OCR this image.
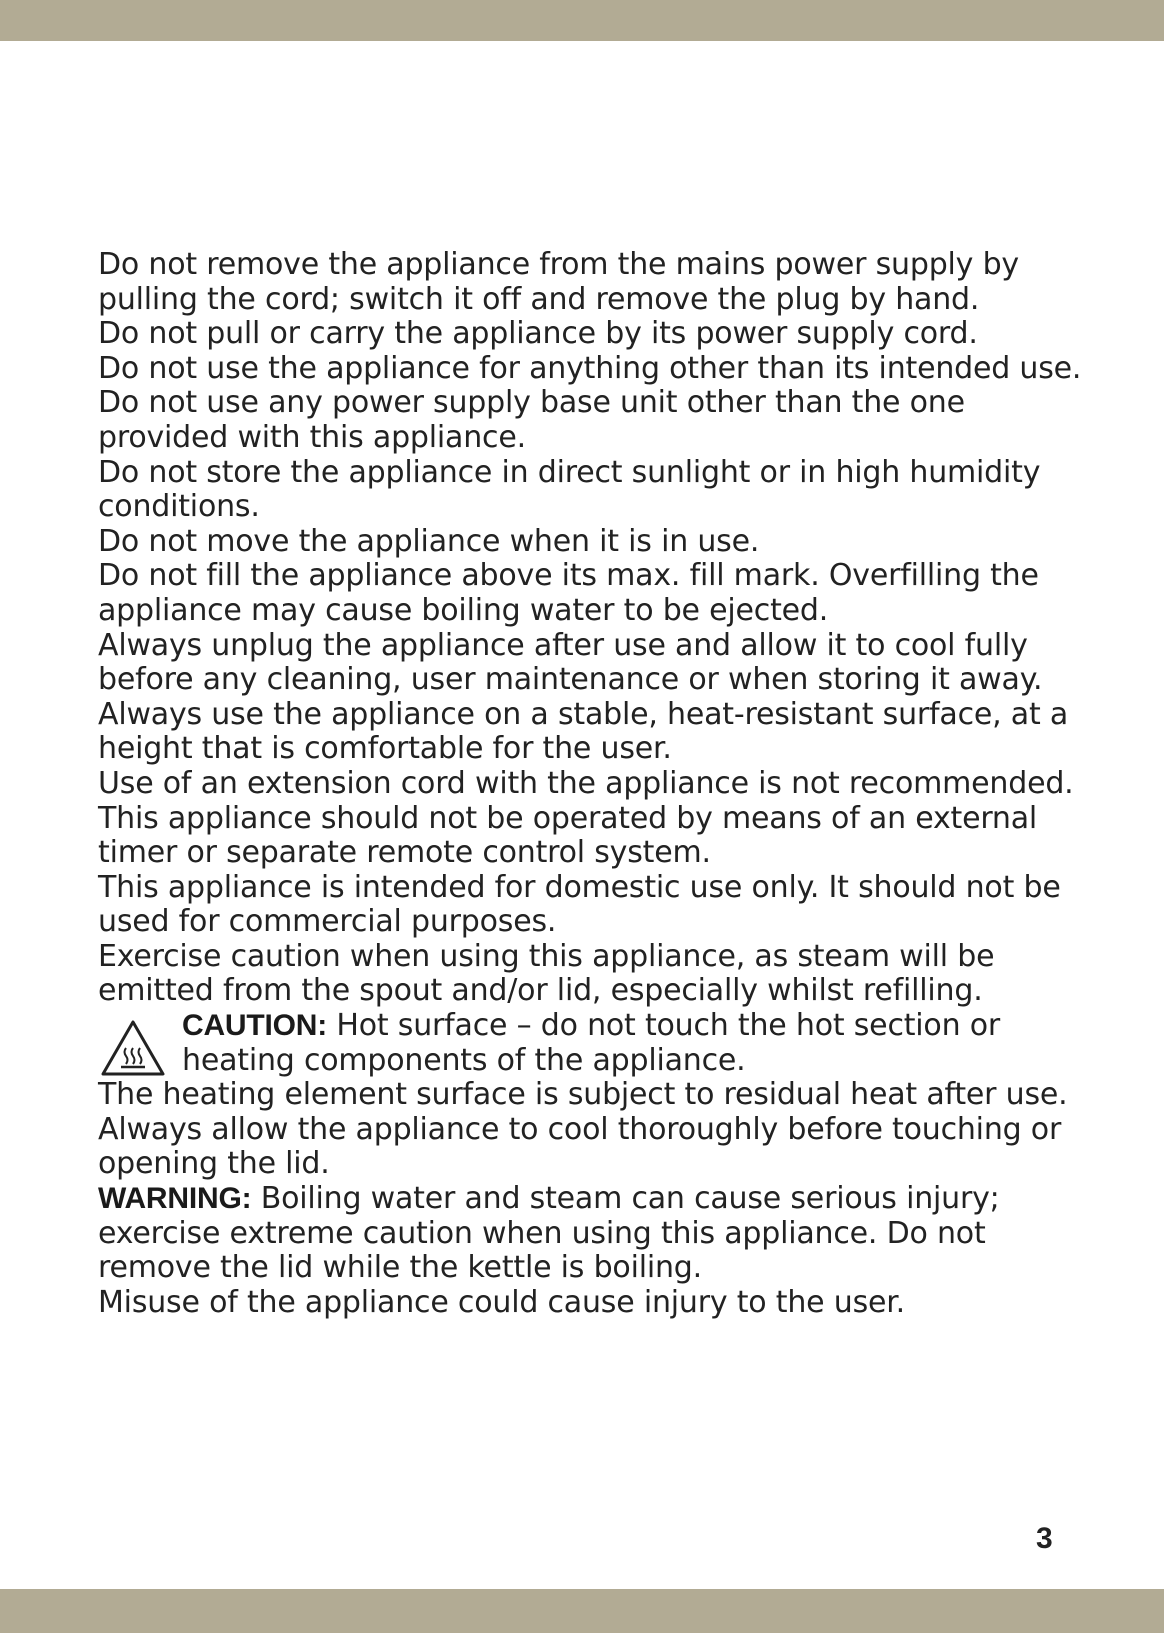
Do not remove the appliance from the mains power supply by pulling the cord; switch it off and remove the plug by hand.

Do not pull or carry the appliance by its power supply cord.

Do not use the appliance for anything other than its intended use.

Do not use any power supply base unit other than the one provided with this appliance.

Do not store the appliance in direct sunlight or in high humidity conditions.

Do not move the appliance when it is in use.

Do not fill the appliance above its max. fill mark. Overfilling the appliance may cause boiling water to be ejected.

Always unplug the appliance after use and allow it to cool fully before any cleaning, user maintenance or when storing it away.

Always use the appliance on a stable, heat-resistant surface, at a height that is comfortable for the user.

Use of an extension cord with the appliance is not recommended.

This appliance should not be operated by means of an external timer or separate remote control system.

This appliance is intended for domestic use only. It should not be used for commercial purposes.

Exercise caution when using this appliance, as steam will be emitted from the spout and/or lid, especially whilst refilling.

CAUTION: Hot surface – do not touch the hot section or heating components of the appliance.

The heating element surface is subject to residual heat after use.

Always allow the appliance to cool thoroughly before touching or opening the lid.

WARNING: Boiling water and steam can cause serious injury; exercise extreme caution when using this appliance. Do not remove the lid while the kettle is boiling.

Misuse of the appliance could cause injury to the user.

3
